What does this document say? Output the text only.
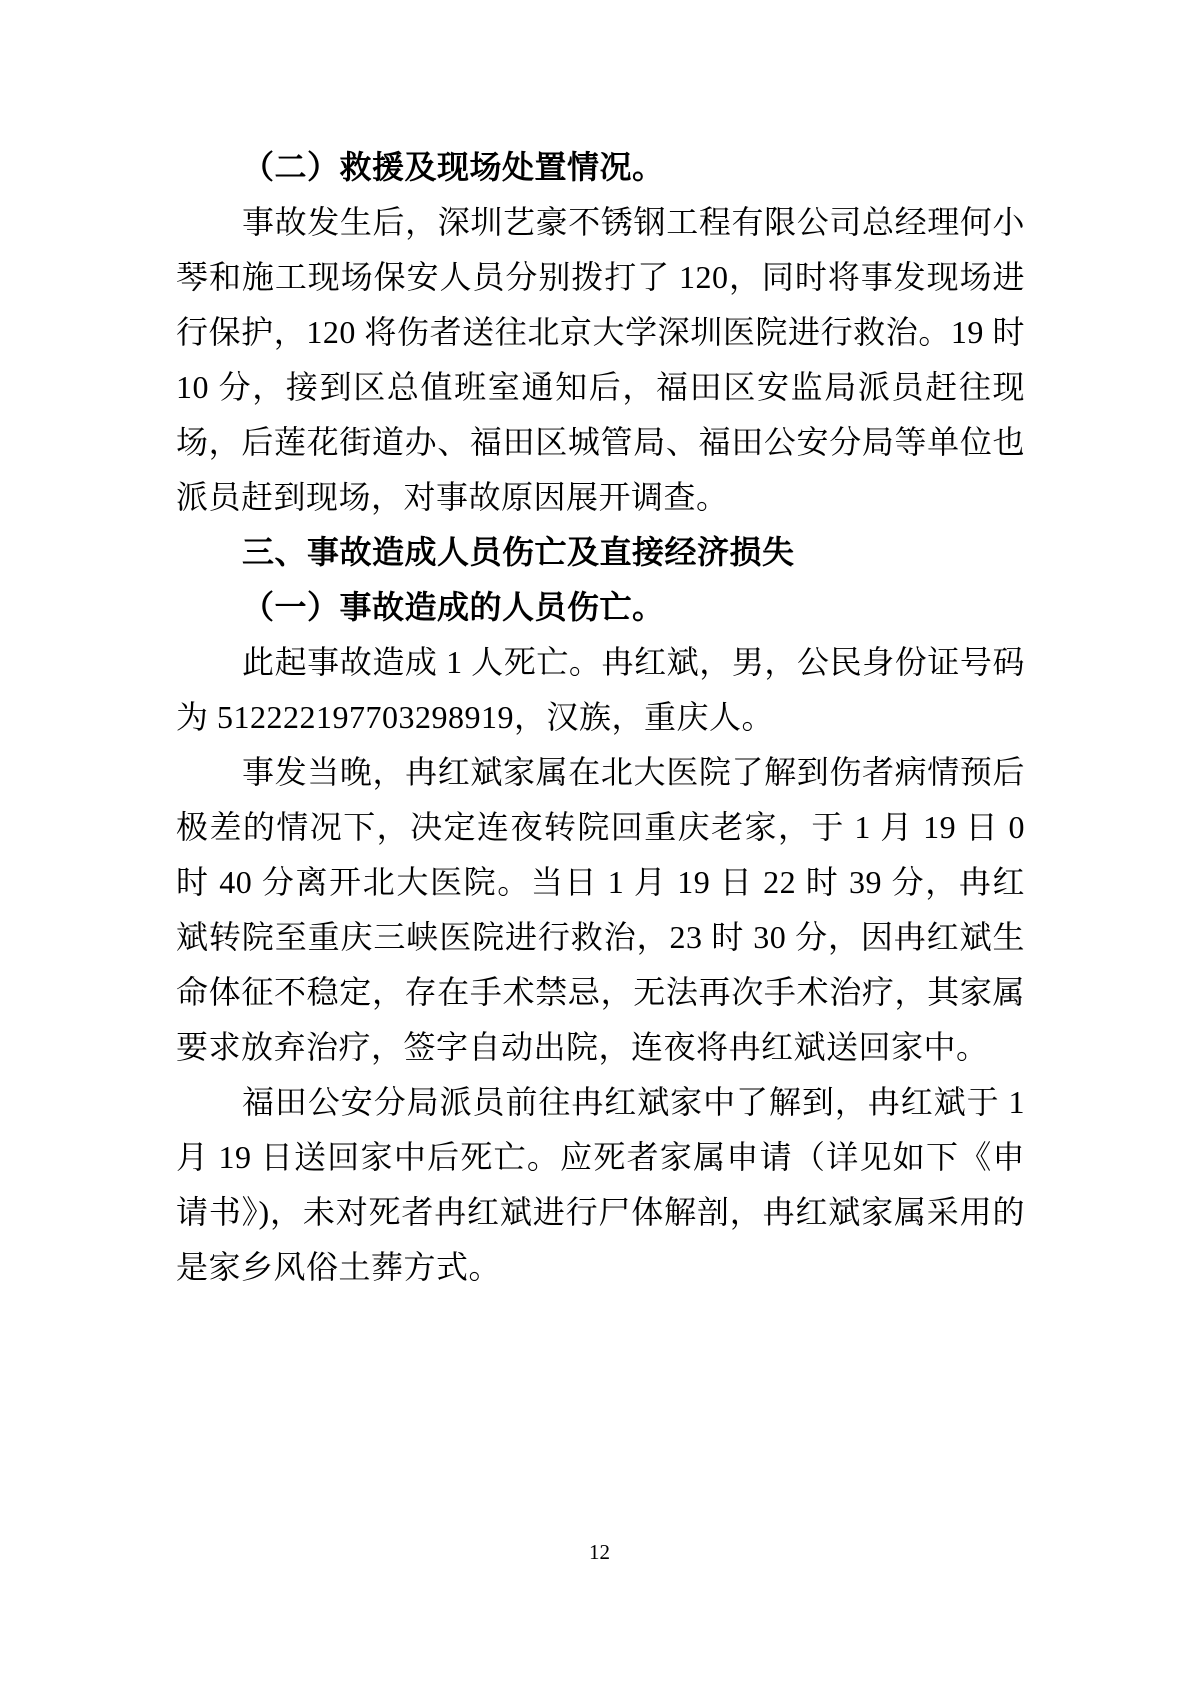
（二）救援及现场处置情况。

事故发生后，深圳艺豪不锈钢工程有限公司总经理何小琴和施工现场保安人员分别拨打了 120，同时将事发现场进行保护，120 将伤者送往北京大学深圳医院进行救治。19 时 10 分，接到区总值班室通知后，福田区安监局派员赶往现场，后莲花街道办、福田区城管局、福田公安分局等单位也派员赶到现场，对事故原因展开调查。

三、事故造成人员伤亡及直接经济损失
（一）事故造成的人员伤亡。

此起事故造成 1 人死亡。冉红斌，男，公民身份证号码为 512222197703298919，汉族，重庆人。

事发当晚，冉红斌家属在北大医院了解到伤者病情预后极差的情况下，决定连夜转院回重庆老家，于 1 月 19 日 0 时 40 分离开北大医院。当日 1 月 19 日 22 时 39 分，冉红斌转院至重庆三峡医院进行救治，23 时 30 分，因冉红斌生命体征不稳定，存在手术禁忌，无法再次手术治疗，其家属要求放弃治疗，签字自动出院，连夜将冉红斌送回家中。

福田公安分局派员前往冉红斌家中了解到，冉红斌于 1 月 19 日送回家中后死亡。应死者家属申请（详见如下《申请书》)，未对死者冉红斌进行尸体解剖，冉红斌家属采用的是家乡风俗土葬方式。

12
